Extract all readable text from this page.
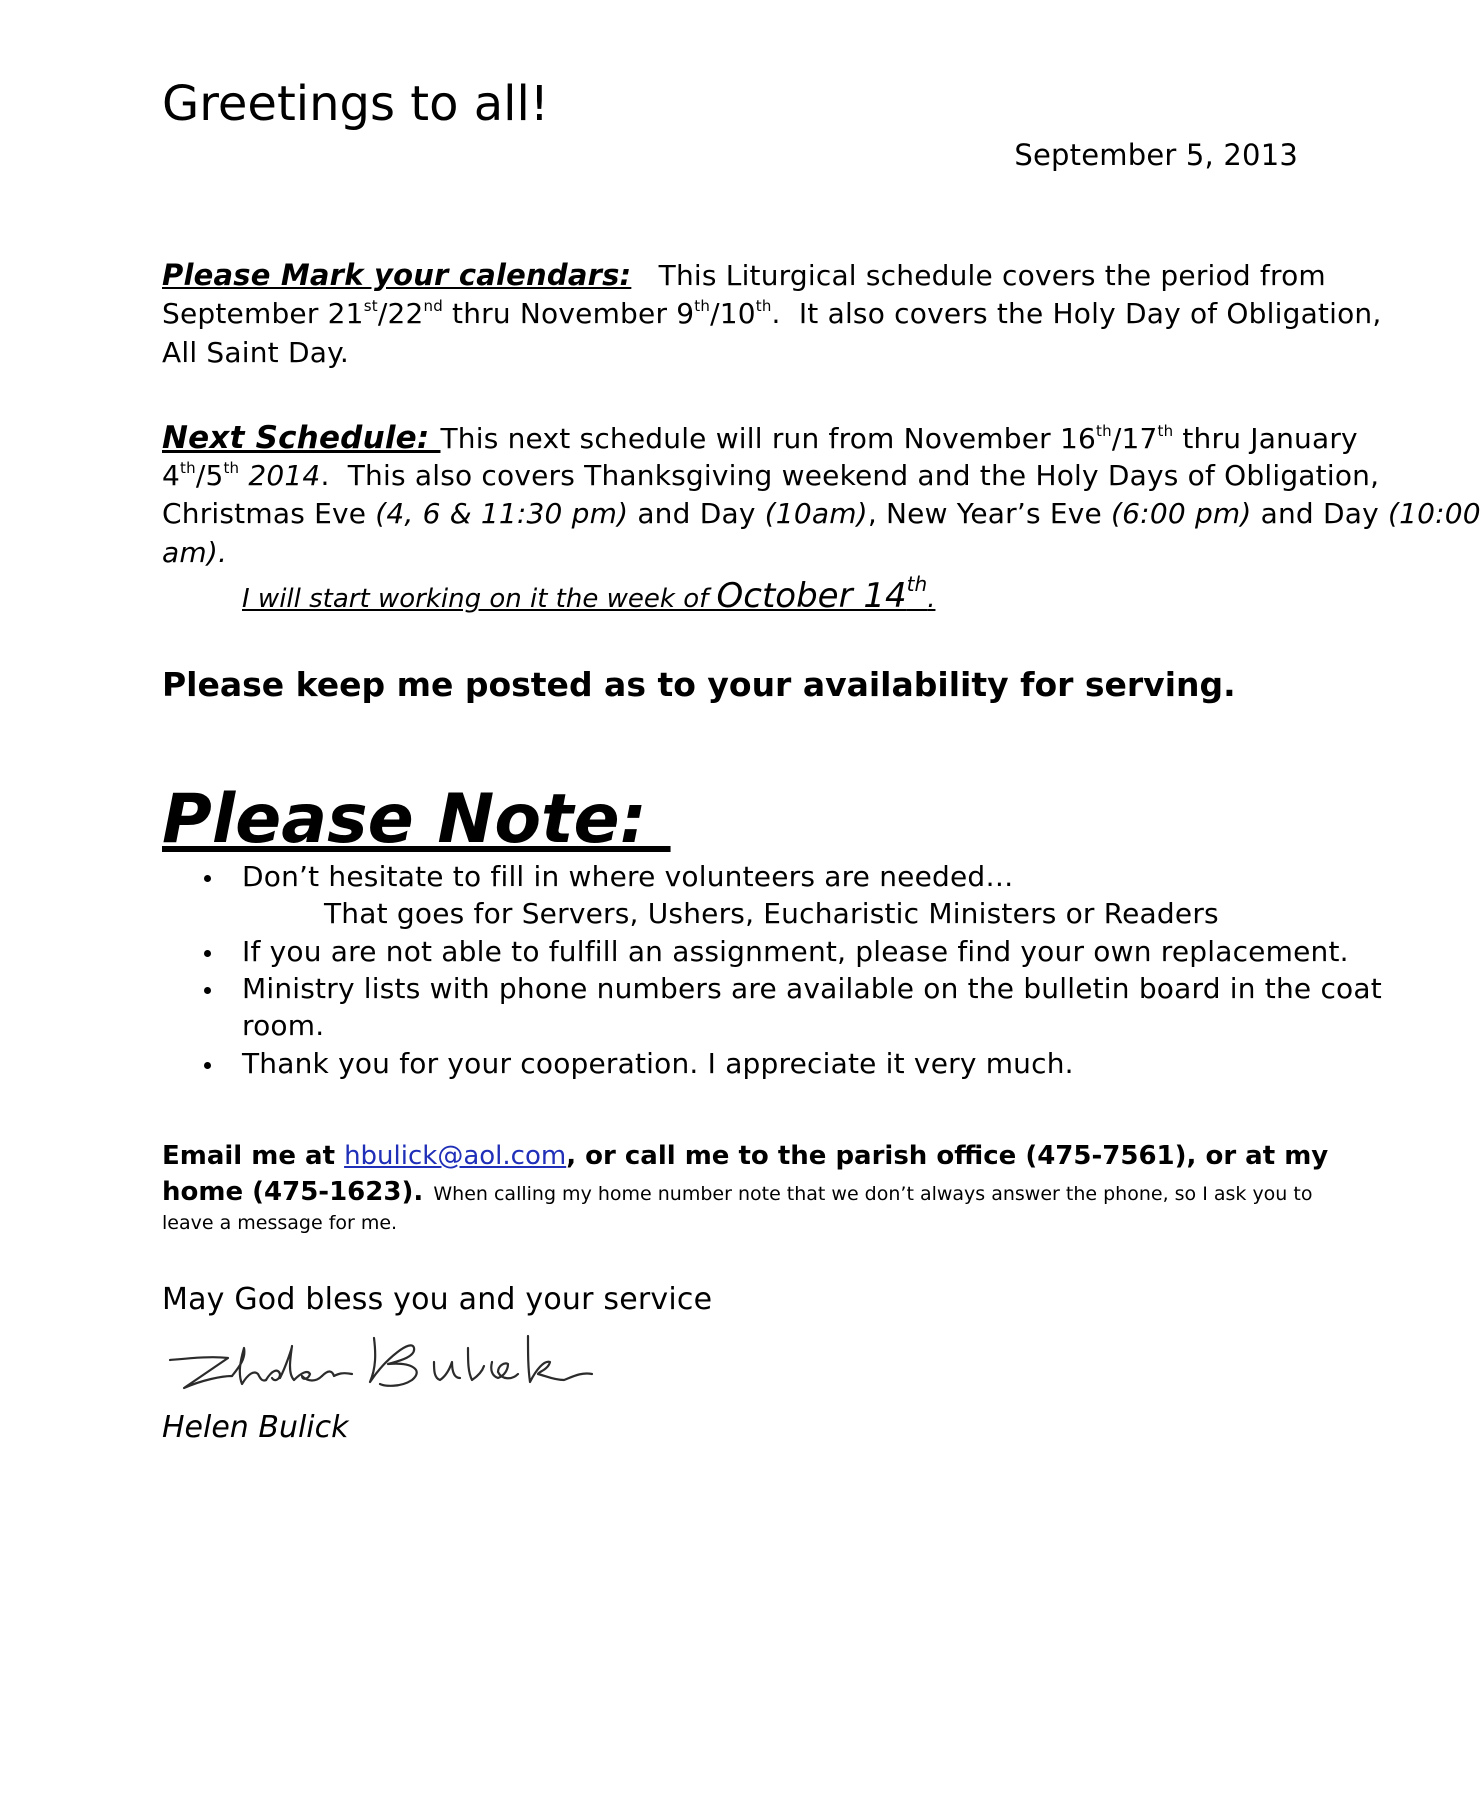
Greetings to all!
September 5, 2013
Please Mark your calendars: This Liturgical schedule covers the period from
September 21st/22nd thru November 9th/10th.  It also covers the Holy Day of Obligation,
All Saint Day.
Next Schedule: This next schedule will run from November 16th/17th thru January
4th/5th 2014.  This also covers Thanksgiving weekend and the Holy Days of Obligation,
Christmas Eve (4, 6 & 11:30 pm) and Day (10am), New Year’s Eve (6:00 pm) and Day (10:00
am).
I will start working on it the week of October 14th.
Please keep me posted as to your availability for serving.
Please Note:
Don’t hesitate to fill in where volunteers are needed…
That goes for Servers, Ushers, Eucharistic Ministers or Readers
If you are not able to fulfill an assignment, please find your own replacement.
Ministry lists with phone numbers are available on the bulletin board in the coat
room.
Thank you for your cooperation. I appreciate it very much.
Email me at hbulick@aol.com, or call me to the parish office (475-7561), or at my
home (475-1623). When calling my home number note that we don’t always answer the phone, so I ask you to
leave a message for me.
May God bless you and your service
Helen Bulick
